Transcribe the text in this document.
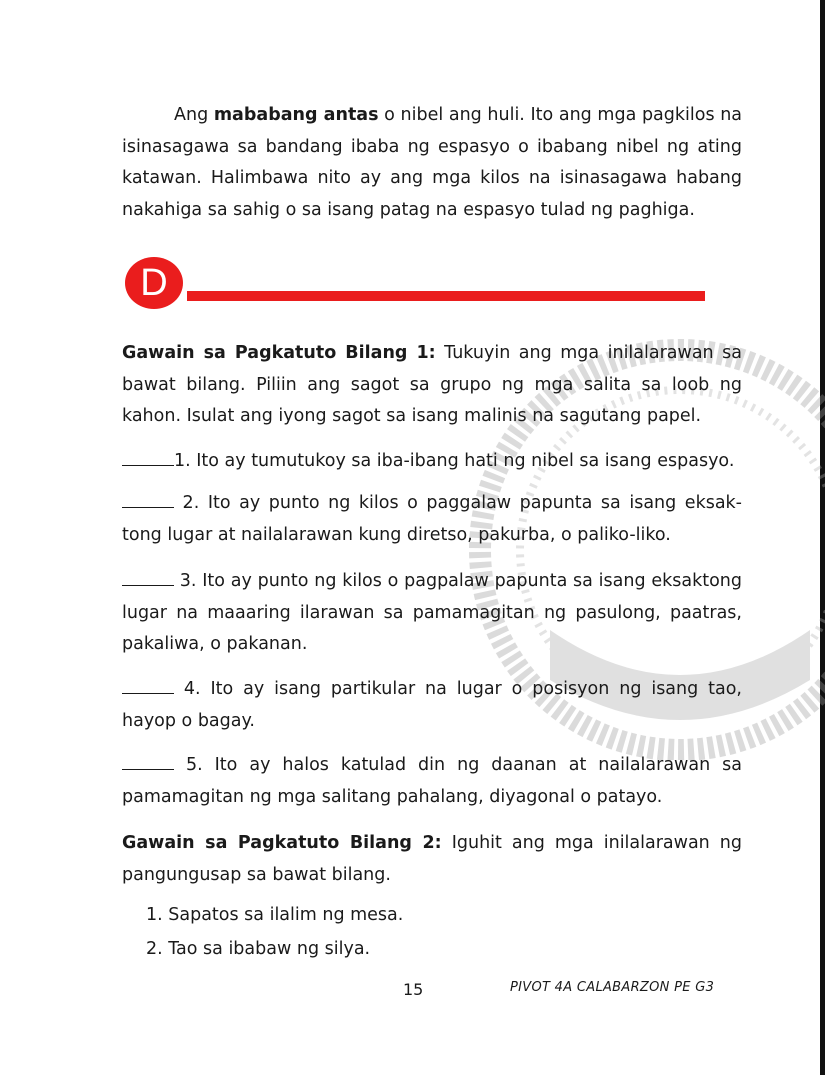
Ang mababang antas o nibel ang huli. Ito ang mga pagkilos na isinasagawa sa bandang ibaba ng espasyo o ibabang nibel ng ating katawan. Halimbawa nito ay ang mga kilos na isinasagawa habang nakahiga sa sahig o sa isang patag na espasyo tulad ng paghiga.

D

Gawain sa Pagkatuto Bilang 1: Tukuyin ang mga inilalarawan sa bawat bilang. Piliin ang sagot sa grupo ng mga salita sa loob ng kahon. Isulat ang iyong sagot sa isang malinis na sagutang papel.

1. Ito ay tumutukoy sa iba-ibang hati ng nibel sa isang espasyo.

2. Ito ay punto ng kilos o paggalaw papunta sa isang eksak-tong lugar at nailalarawan kung diretso, pakurba, o paliko-liko.

3. Ito ay punto ng kilos o pagpalaw papunta sa isang eksaktong lugar na maaaring ilarawan sa pamamagitan ng pasulong, paatras, pakaliwa, o pakanan.

4. Ito ay isang partikular na lugar o posisyon ng isang tao, hayop o bagay.

5. Ito ay halos katulad din ng daanan at nailalarawan sa pamamagitan ng mga salitang pahalang, diyagonal o patayo.

Gawain sa Pagkatuto Bilang 2: Iguhit ang mga inilalarawan ng pangungusap sa bawat bilang.

1. Sapatos sa ilalim ng mesa.
2. Tao sa ibabaw ng silya.
15	PIVOT 4A CALABARZON PE G3
